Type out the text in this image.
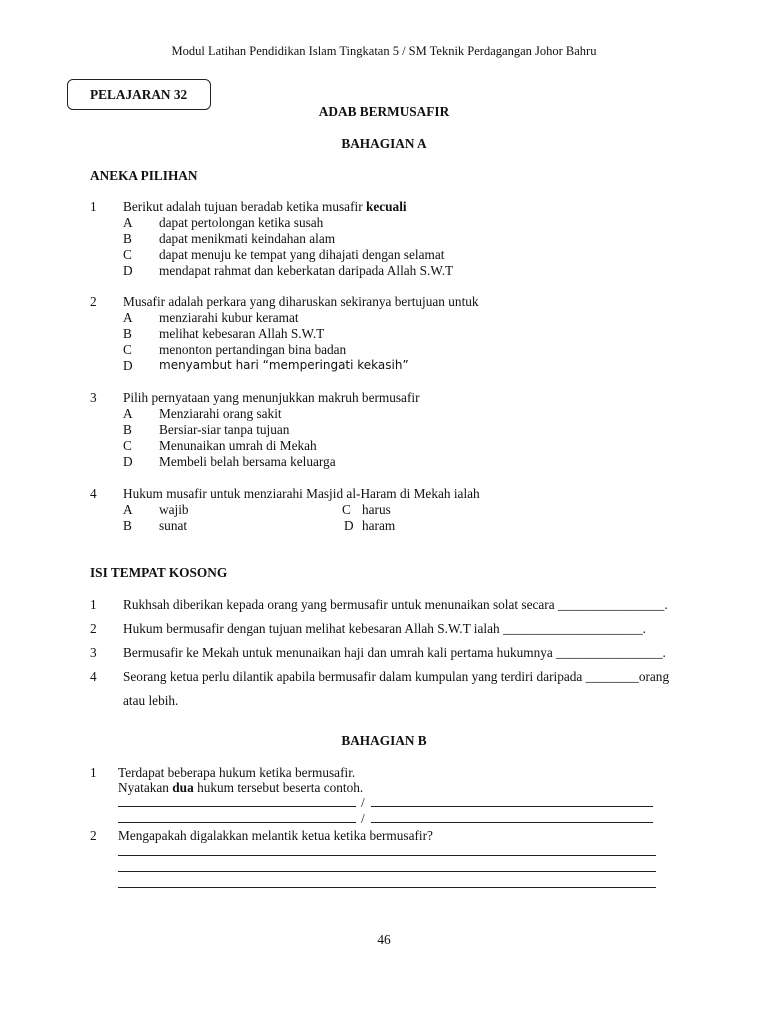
Modul Latihan Pendidikan Islam Tingkatan 5 / SM Teknik Perdagangan Johor Bahru
PELAJARAN 32
ADAB BERMUSAFIR
BAHAGIAN A
ANEKA PILIHAN
1 Berikut adalah tujuan beradab ketika musafir kecuali
A dapat pertolongan ketika susah
B dapat menikmati keindahan alam
C dapat menuju ke tempat yang dihajati dengan selamat
D mendapat rahmat dan keberkatan daripada Allah S.W.T
2 Musafir adalah perkara yang diharuskan sekiranya bertujuan untuk
A menziarahi kubur keramat
B melihat kebesaran Allah S.W.T
C menonton pertandingan bina badan
D menyambut hari “memperingati kekasih”
3 Pilih pernyataan yang menunjukkan makruh bermusafir
A Menziarahi orang sakit
B Bersiar-siar tanpa tujuan
C Menunaikan umrah di Mekah
D Membeli belah bersama keluarga
4 Hukum musafir untuk menziarahi Masjid al-Haram di Mekah ialah
A wajib	C harus
B sunat	D haram
ISI TEMPAT KOSONG
1 Rukhsah diberikan kepada orang yang bermusafir untuk menunaikan solat secara ________________.
2 Hukum bermusafir dengan tujuan melihat kebesaran Allah S.W.T ialah _____________________.
3 Bermusafir ke Mekah untuk menunaikan haji dan umrah kali pertama hukumnya ________________.
4 Seorang ketua perlu dilantik apabila bermusafir dalam kumpulan yang terdiri daripada ________orang
atau lebih.
BAHAGIAN B
1 Terdapat beberapa hukum ketika bermusafir.
Nyatakan dua hukum tersebut beserta contoh.
/
/
2 Mengapakah digalakkan melantik ketua ketika bermusafir?
46
